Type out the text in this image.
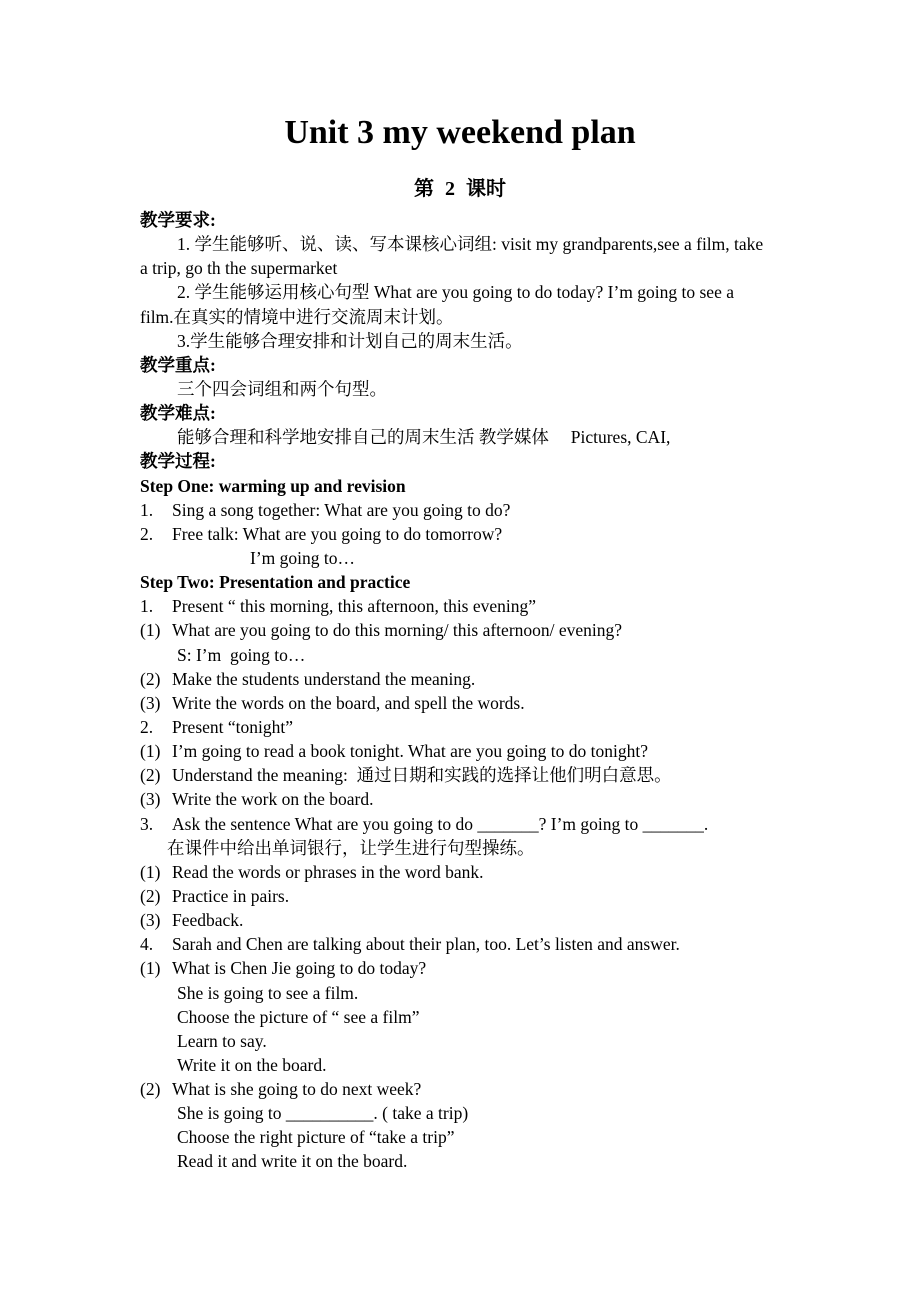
Unit 3 my weekend plan
第 2 课时
教学要求:
1. 学生能够听、说、读、写本课核心词组: visit my grandparents,see a film, take
a trip, go th the supermarket
2. 学生能够运用核心句型 What are you going to do today? I’m going to see a
film.在真实的情境中进行交流周末计划。
3.学生能够合理安排和计划自己的周末生活。
教学重点:
三个四会词组和两个句型。
教学难点:
能够合理和科学地安排自己的周末生活 教学媒体     Pictures, CAI,
教学过程:
Step One: warming up and revision
1. Sing a song together: What are you going to do?
2. Free talk: What are you going to do tomorrow?
I’m going to…
Step Two: Presentation and practice
1. Present “ this morning, this afternoon, this evening”
(1) What are you going to do this morning/ this afternoon/ evening?
S: I’m  going to…
(2) Make the students understand the meaning.
(3) Write the words on the board, and spell the words.
2. Present “tonight”
(1) I’m going to read a book tonight. What are you going to do tonight?
(2) Understand the meaning:  通过日期和实践的选择让他们明白意思。
(3) Write the work on the board.
3. Ask the sentence What are you going to do _______? I’m going to _______.
在课件中给出单词银行，让学生进行句型操练。
(1) Read the words or phrases in the word bank.
(2) Practice in pairs.
(3) Feedback.
4. Sarah and Chen are talking about their plan, too. Let’s listen and answer.
(1) What is Chen Jie going to do today?
She is going to see a film.
Choose the picture of “ see a film”
Learn to say.
Write it on the board.
(2) What is she going to do next week?
She is going to __________. ( take a trip)
Choose the right picture of “take a trip”
Read it and write it on the board.
